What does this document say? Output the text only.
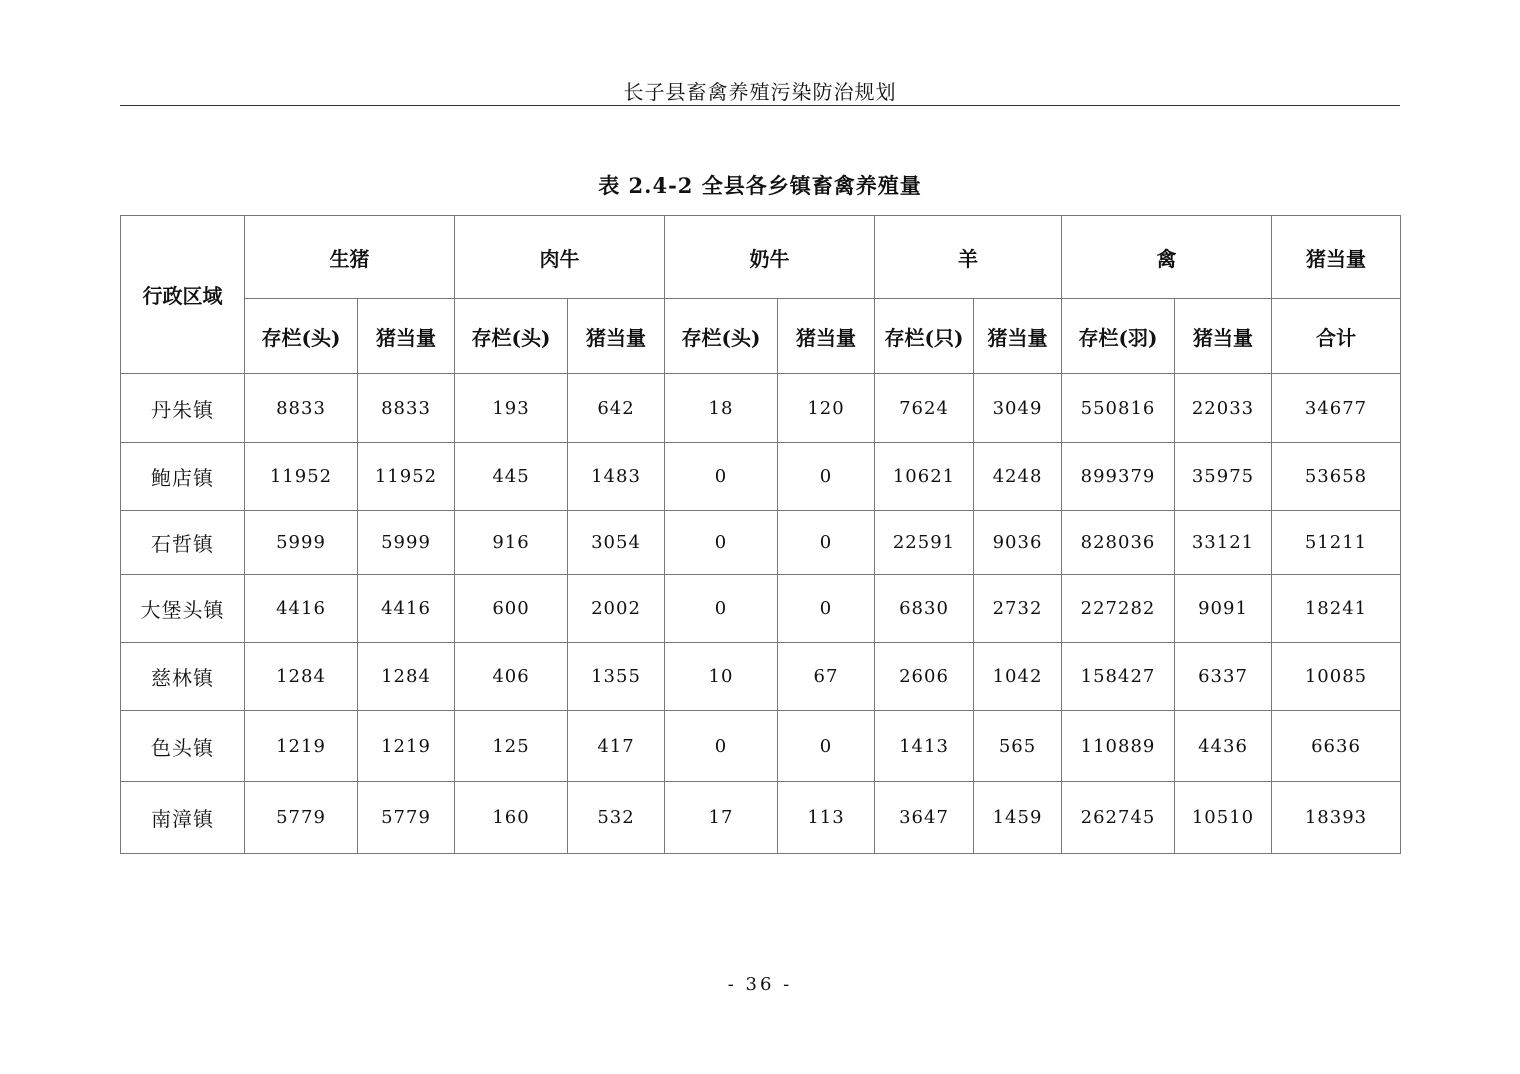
长子县畜禽养殖污染防治规划
表 2.4-2 全县各乡镇畜禽养殖量
行政区域	生猪		肉牛		奶牛		羊		禽		猪当量
	存栏(头)	猪当量	存栏(头)	猪当量	存栏(头)	猪当量	存栏(只)	猪当量	存栏(羽)	猪当量	合计
丹朱镇	8833	8833	193	642	18	120	7624	3049	550816	22033	34677
鲍店镇	11952	11952	445	1483	0	0	10621	4248	899379	35975	53658
石哲镇	5999	5999	916	3054	0	0	22591	9036	828036	33121	51211
大堡头镇	4416	4416	600	2002	0	0	6830	2732	227282	9091	18241
慈林镇	1284	1284	406	1355	10	67	2606	1042	158427	6337	10085
色头镇	1219	1219	125	417	0	0	1413	565	110889	4436	6636
南漳镇	5779	5779	160	532	17	113	3647	1459	262745	10510	18393
- 36 -
